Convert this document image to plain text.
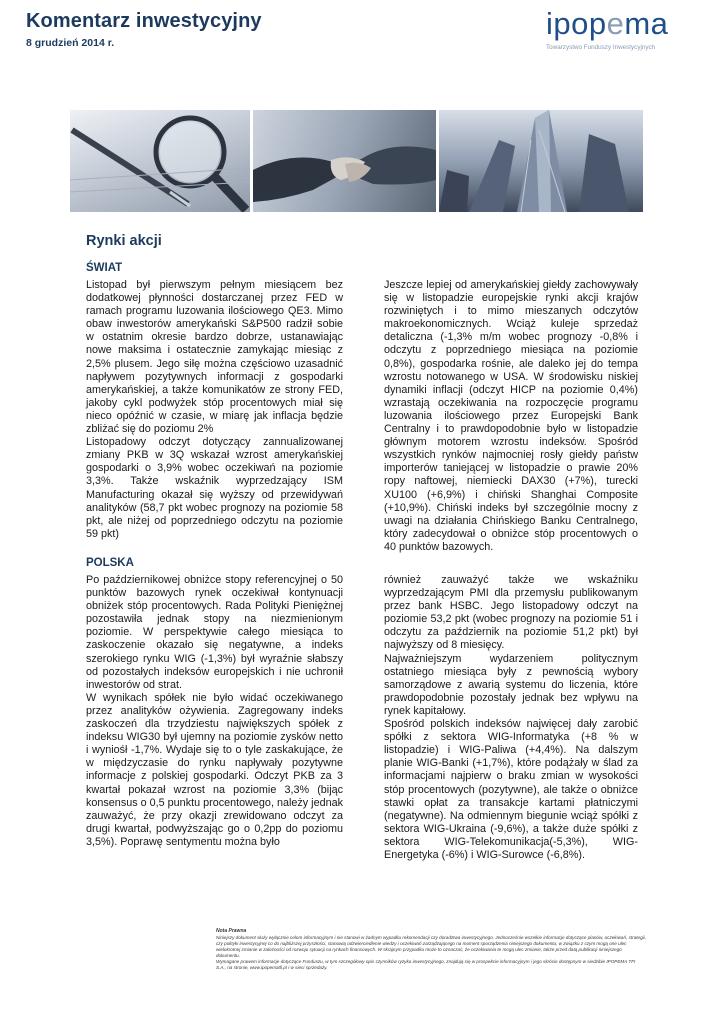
Komentarz inwestycyjny
8 grudzień 2014 r.
ipopema
Towarzystwo Funduszy Inwestycyjnych
Rynki akcji
ŚWIAT

Listopad był pierwszym pełnym miesiącem bez dodatkowej płynności dostarczanej przez FED w ramach programu luzowania ilościowego QE3. Mimo obaw inwestorów amerykański S&P500 radził sobie w ostatnim okresie bardzo dobrze, ustanawiając nowe maksima i ostatecznie zamykając miesiąc z 2,5% plusem. Jego siłę można częściowo uzasadnić napływem pozytywnych informacji z gospodarki amerykańskiej, a także komunikatów ze strony FED, jakoby cykl podwyżek stóp procentowych miał się nieco opóźnić w czasie, w miarę jak inflacja będzie zbliżać się do poziomu 2%

Listopadowy odczyt dotyczący zannualizowanej zmiany PKB w 3Q wskazał wzrost amerykańskiej gospodarki o 3,9% wobec oczekiwań na poziomie 3,3%. Także wskaźnik wyprzedzający ISM Manufacturing okazał się wyższy od przewidywań analityków (58,7 pkt wobec prognozy na poziomie 58 pkt, ale niżej od poprzedniego odczytu na poziomie 59 pkt)

Jeszcze lepiej od amerykańskiej giełdy zachowywały się w listopadzie europejskie rynki akcji krajów rozwiniętych i to mimo mieszanych odczytów makroekonomicznych. Wciąż kuleje sprzedaż detaliczna (-1,3% m/m wobec prognozy -0,8% i odczytu z poprzedniego miesiąca na poziomie 0,8%), gospodarka rośnie, ale daleko jej do tempa wzrostu notowanego w USA. W środowisku niskiej dynamiki inflacji (odczyt HICP na poziomie 0,4%) wzrastają oczekiwania na rozpoczęcie programu luzowania ilościowego przez Europejski Bank Centralny i to prawdopodobnie było w listopadzie głównym motorem wzrostu indeksów. Spośród wszystkich rynków najmocniej rosły giełdy państw importerów taniejącej w listopadzie o prawie 20% ropy naftowej, niemiecki DAX30 (+7%), turecki XU100 (+6,9%) i chiński Shanghai Composite (+10,9%). Chiński indeks był szczególnie mocny z uwagi na działania Chińskiego Banku Centralnego, który zadecydował o obniżce stóp procentowych o 40 punktów bazowych.

POLSKA

Po październikowej obniżce stopy referencyjnej o 50 punktów bazowych rynek oczekiwał kontynuacji obniżek stóp procentowych. Rada Polityki Pieniężnej pozostawiła jednak stopy na niezmienionym poziomie. W perspektywie całego miesiąca to zaskoczenie okazało się negatywne, a indeks szerokiego rynku WIG (-1,3%) był wyraźnie słabszy od pozostałych indeksów europejskich i nie uchronił inwestorów od strat.

W wynikach spółek nie było widać oczekiwanego przez analityków ożywienia. Zagregowany indeks zaskoczeń dla trzydziestu największych spółek z indeksu WIG30 był ujemny na poziomie zysków netto i wyniośł -1,7%. Wydaje się to o tyle zaskakujące, że w międzyczasie do rynku napływały pozytywne informacje z polskiej gospodarki. Odczyt PKB za 3 kwartał pokazał wzrost na poziomie 3,3% (bijąc konsensus o 0,5 punktu procentowego, należy jednak zauważyć, że przy okazji zrewidowano odczyt za drugi kwartał, podwyższając go o 0,2pp do poziomu 3,5%). Poprawę sentymentu można było

również zauważyć także we wskaźniku wyprzedzającym PMI dla przemysłu publikowanym przez bank HSBC. Jego listopadowy odczyt na poziomie 53,2 pkt (wobec prognozy na poziomie 51 i odczytu za październik na poziomie 51,2 pkt) był najwyższy od 8 miesięcy.

Najważniejszym wydarzeniem politycznym ostatniego miesiąca były z pewnością wybory samorządowe z awarią systemu do liczenia, które prawdopodobnie pozostały jednak bez wpływu na rynek kapitałowy.

Spośród polskich indeksów najwięcej dały zarobić spółki z sektora WIG-Informatyka (+8 % w listopadzie) i WIG-Paliwa (+4,4%). Na dalszym planie WIG-Banki (+1,7%), które podążały w ślad za informacjami najpierw o braku zmian w wysokości stóp procentowych (pozytywne), ale także o obniżce stawki opłat za transakcje kartami płatniczymi (negatywne). Na odmiennym biegunie wciąż spółki z sektora WIG-Ukraina (-9,6%), a także duże spółki z sektora WIG-Telekomunikacja(-5,3%), WIG-Energetyka (-6%) i WIG-Surowce (-6,8%).

Nota Prawna

Niniejszy dokument służy wyłącznie celom informacyjnym i nie stanowi w żadnym wypadku rekomendacji czy doradztwa inwestycyjnego. Jednocześnie wszelkie informacje dotyczące planów, oczekiwań, strategii, czy polityki inwestycyjnej co do najbliższej przyszłości, stanowią odzwierciedlenie wiedzy i oczekiwań zarządzającego na moment sporządzenia niniejszego dokumentu, w związku z czym mogą one ulec wielokrotnej zmianie w zależności od rozwoju sytuacji na rynkach finansowych. W skrajnym przypadku może to oznaczać, że oczekiwania te mogą ulec zmianie, także przed datą publikacji niniejszego dokumentu.

Wymagane prawem informacje dotyczące Funduszu, w tym szczegółowy opis czynników ryzyka inwestycyjnego, znajdują się w prospekcie informacyjnym i jego skrócie dostępnym w siedzibie IPOPEMA TFI S.A., na stronie, www.ipopematfi.pl i w sieci sprzedaży.
